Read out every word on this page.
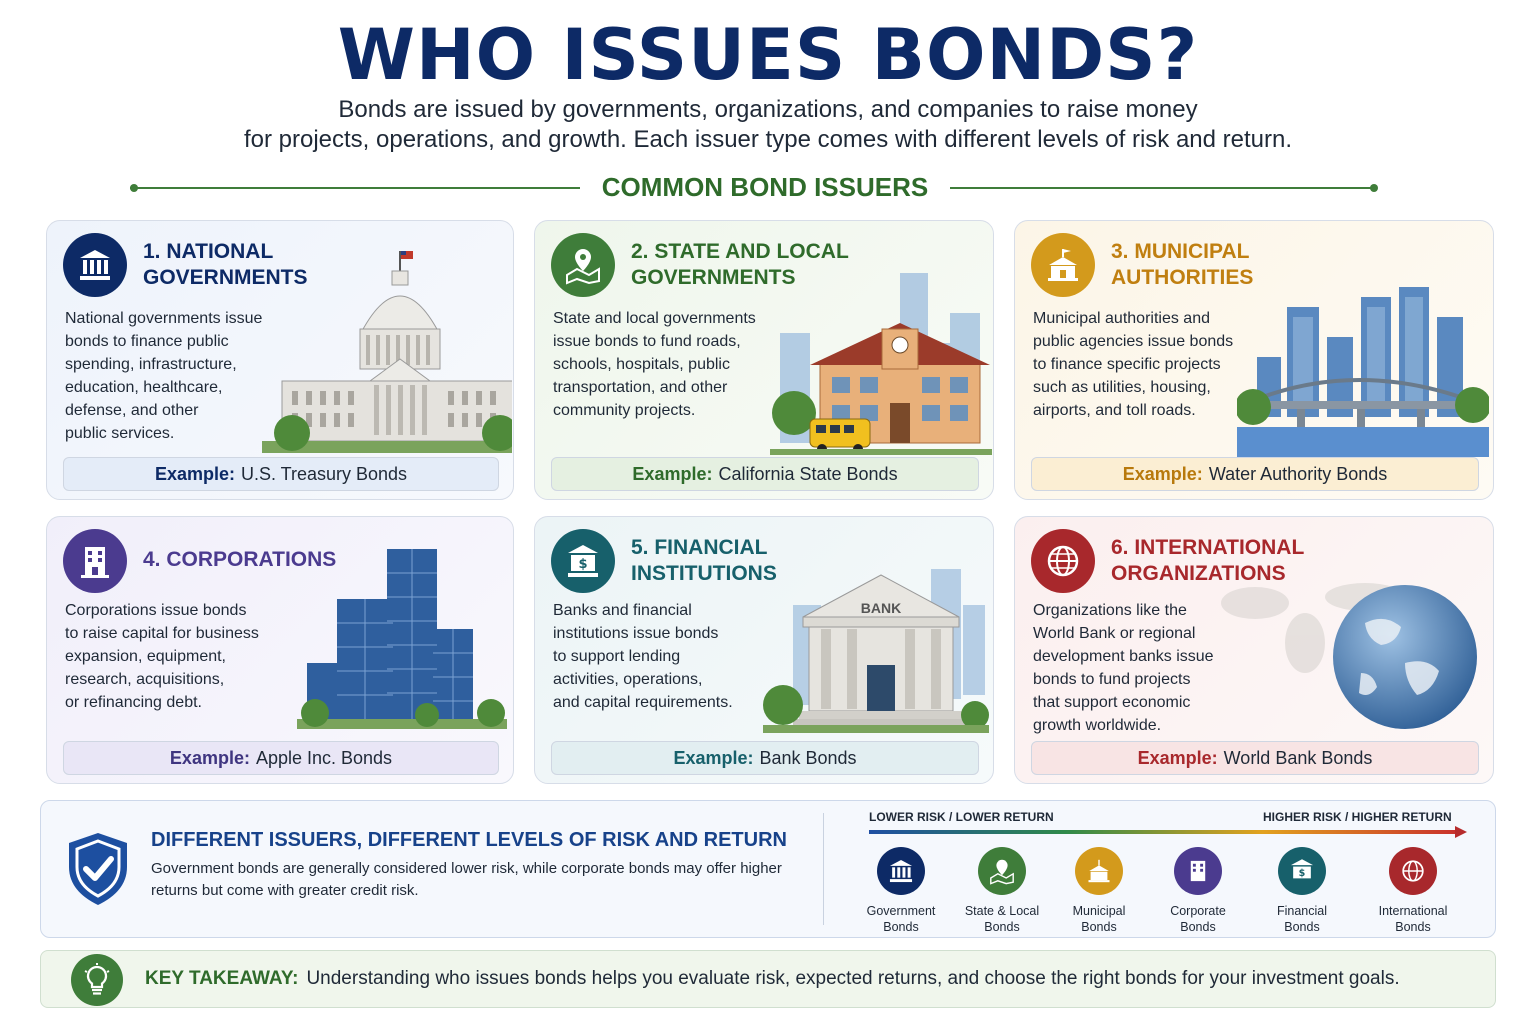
WHO ISSUES BONDS?
Bonds are issued by governments, organizations, and companies to raise money
for projects, operations, and growth. Each issuer type comes with different levels of risk and return.
COMMON BOND ISSUERS
1. NATIONAL
GOVERNMENTS
National governments issue
bonds to finance public
spending, infrastructure,
education, healthcare,
defense, and other
public services.
Example: U.S. Treasury Bonds
2. STATE AND LOCAL
GOVERNMENTS
State and local governments
issue bonds to fund roads,
schools, hospitals, public
transportation, and other
community projects.
Example: California State Bonds
3. MUNICIPAL
AUTHORITIES
Municipal authorities and
public agencies issue bonds
to finance specific projects
such as utilities, housing,
airports, and toll roads.
Example: Water Authority Bonds
4. CORPORATIONS
Corporations issue bonds
to raise capital for business
expansion, equipment,
research, acquisitions,
or refinancing debt.
Example: Apple Inc. Bonds
$
5. FINANCIAL
INSTITUTIONS
Banks and financial
institutions issue bonds
to support lending
activities, operations,
and capital requirements.
BANK
Example: Bank Bonds
6. INTERNATIONAL
ORGANIZATIONS
Organizations like the
World Bank or regional
development banks issue
bonds to fund projects
that support economic
growth worldwide.
Example: World Bank Bonds
DIFFERENT ISSUERS, DIFFERENT LEVELS OF RISK AND RETURN
Government bonds are generally considered lower risk, while corporate bonds may offer higher
returns but come with greater credit risk.
LOWER RISK / LOWER RETURN	HIGHER RISK / HIGHER RETURN
Government
Bonds
State & Local
Bonds
Municipal
Bonds
Corporate
Bonds
$
Financial
Bonds
International
Bonds
KEY TAKEAWAY: Understanding who issues bonds helps you evaluate risk, expected returns, and choose the right bonds for your investment goals.
